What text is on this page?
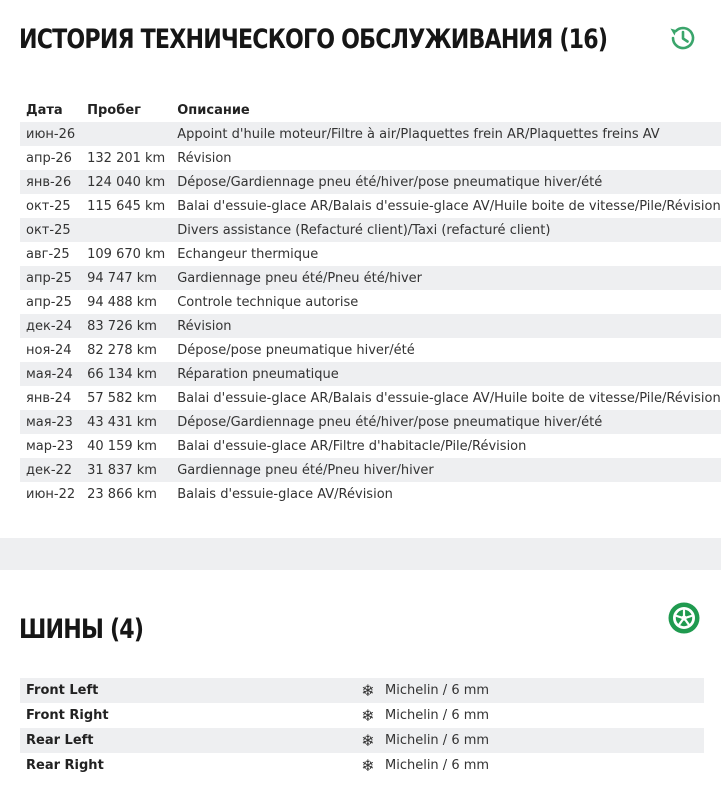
ИСТОРИЯ ТЕХНИЧЕСКОГО ОБСЛУЖИВАНИЯ (16)
Дата	Пробег	Описание
июн-26		Appoint d'huile moteur/Filtre à air/Plaquettes frein AR/Plaquettes freins AV
апр-26	132 201 km	Révision
янв-26	124 040 km	Dépose/Gardiennage pneu été/hiver/pose pneumatique hiver/été
окт-25	115 645 km	Balai d'essuie-glace AR/Balais d'essuie-glace AV/Huile boite de vitesse/Pile/Révision
окт-25		Divers assistance (Refacturé client)/Taxi (refacturé client)
авг-25	109 670 km	Echangeur thermique
апр-25	94 747 km	Gardiennage pneu été/Pneu été/hiver
апр-25	94 488 km	Controle technique autorise
дек-24	83 726 km	Révision
ноя-24	82 278 km	Dépose/pose pneumatique hiver/été
мая-24	66 134 km	Réparation pneumatique
янв-24	57 582 km	Balai d'essuie-glace AR/Balais d'essuie-glace AV/Huile boite de vitesse/Pile/Révision
мая-23	43 431 km	Dépose/Gardiennage pneu été/hiver/pose pneumatique hiver/été
мар-23	40 159 km	Balai d'essuie-glace AR/Filtre d'habitacle/Pile/Révision
дек-22	31 837 km	Gardiennage pneu été/Pneu hiver/hiver
июн-22	23 866 km	Balais d'essuie-glace AV/Révision
ШИНЫ (4)
Front Left	❄	Michelin / 6 mm
Front Right	❄	Michelin / 6 mm
Rear Left	❄	Michelin / 6 mm
Rear Right	❄	Michelin / 6 mm
